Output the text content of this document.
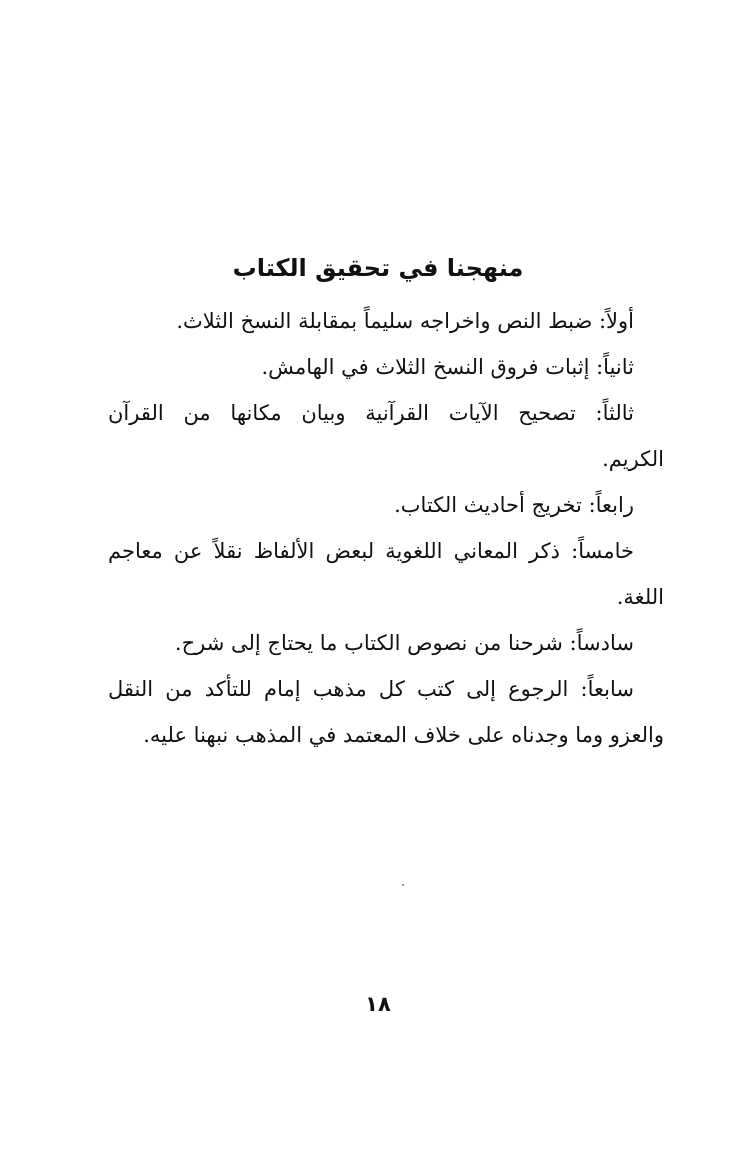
منهجنا في تحقيق الكتاب
أولاً: ضبط النص واخراجه سليماً بمقابلة النسخ الثلاث.
ثانياً: إثبات فروق النسخ الثلاث في الهامش.
ثالثاً: تصحيح الآيات القرآنية وبيان مكانها من القرآن
الكريم.
رابعاً: تخريج أحاديث الكتاب.
خامساً: ذكر المعاني اللغوية لبعض الألفاظ نقلاً عن معاجم
اللغة.
سادساً: شرحنا من نصوص الكتاب ما يحتاج إلى شرح.
سابعاً: الرجوع إلى كتب كل مذهب إمام للتأكد من النقل
والعزو وما وجدناه على خلاف المعتمد في المذهب نبهنا عليه.
١٨
